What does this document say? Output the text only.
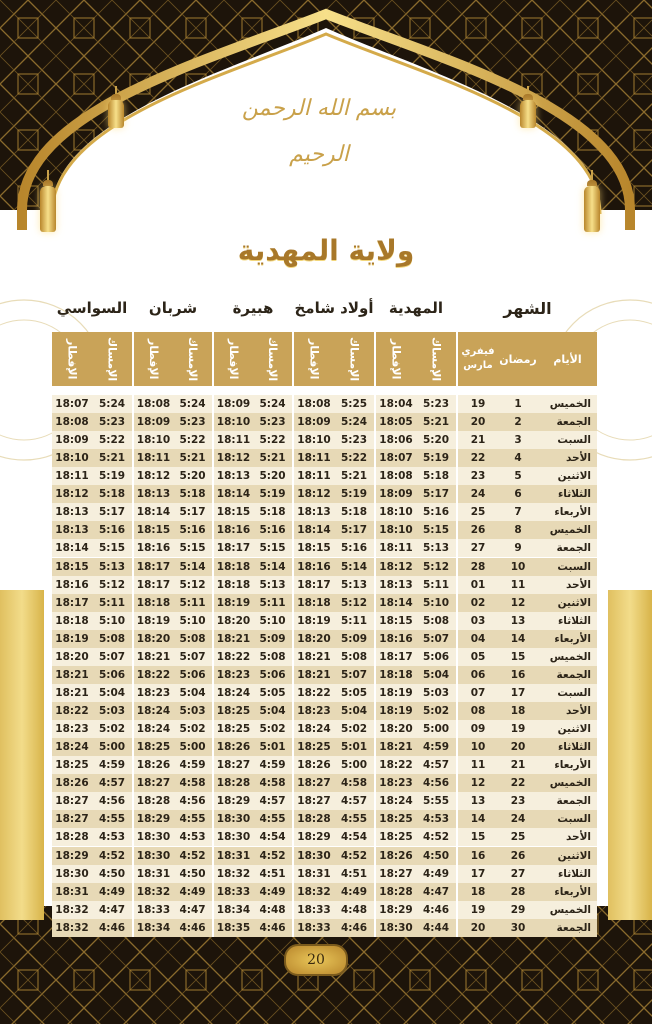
بسم الله الرحمن الرحيم
ولاية المهدية
السواسي	شربان	هبيرة	أولاد شامخ	المهدية	الشهر
الإفطار	الإمساك	الإفطار	الإمساك	الإفطار	الإمساك	الإفطار	الإمساك	الإفطار	الإمساك	فيفري مارس رمضان	الأيام
18:07 5:24	18:08 5:24	18:09 5:24	18:08 5:25	18:04 5:23	19	1	الخميس
18:08 5:23	18:09 5:23	18:10 5:23	18:09 5:24	18:05 5:21	20	2	الجمعة
18:09 5:22	18:10 5:22	18:11 5:22	18:10 5:23	18:06 5:20	21	3	السبت
18:10 5:21	18:11 5:21	18:12 5:21	18:11 5:22	18:07 5:19	22	4	الأحد
18:11 5:19	18:12 5:20	18:13 5:20	18:11 5:21	18:08 5:18	23	5	الاثنين
18:12 5:18	18:13 5:18	18:14 5:19	18:12 5:19	18:09 5:17	24	6	الثلاثاء
18:13 5:17	18:14 5:17	18:15 5:18	18:13 5:18	18:10 5:16	25	7	الأربعاء
18:13 5:16	18:15 5:16	18:16 5:16	18:14 5:17	18:10 5:15	26	8	الخميس
18:14 5:15	18:16 5:15	18:17 5:15	18:15 5:16	18:11 5:13	27	9	الجمعة
18:15 5:13	18:17 5:14	18:18 5:14	18:16 5:14	18:12 5:12	28	10	السبت
18:16 5:12	18:17 5:12	18:18 5:13	18:17 5:13	18:13 5:11	01	11	الأحد
18:17 5:11	18:18 5:11	18:19 5:11	18:18 5:12	18:14 5:10	02	12	الاثنين
18:18 5:10	18:19 5:10	18:20 5:10	18:19 5:11	18:15 5:08	03	13	الثلاثاء
18:19 5:08	18:20 5:08	18:21 5:09	18:20 5:09	18:16 5:07	04	14	الأربعاء
18:20 5:07	18:21 5:07	18:22 5:08	18:21 5:08	18:17 5:06	05	15	الخميس
18:21 5:06	18:22 5:06	18:23 5:06	18:21 5:07	18:18 5:04	06	16	الجمعة
18:21 5:04	18:23 5:04	18:24 5:05	18:22 5:05	18:19 5:03	07	17	السبت
18:22 5:03	18:24 5:03	18:25 5:04	18:23 5:04	18:19 5:02	08	18	الأحد
18:23 5:02	18:24 5:02	18:25 5:02	18:24 5:02	18:20 5:00	09	19	الاثنين
18:24 5:00	18:25 5:00	18:26 5:01	18:25 5:01	18:21 4:59	10	20	الثلاثاء
18:25 4:59	18:26 4:59	18:27 4:59	18:26 5:00	18:22 4:57	11	21	الأربعاء
18:26 4:57	18:27 4:58	18:28 4:58	18:27 4:58	18:23 4:56	12	22	الخميس
18:27 4:56	18:28 4:56	18:29 4:57	18:27 4:57	18:24 5:55	13	23	الجمعة
18:27 4:55	18:29 4:55	18:30 4:55	18:28 4:55	18:25 4:53	14	24	السبت
18:28 4:53	18:30 4:53	18:30 4:54	18:29 4:54	18:25 4:52	15	25	الأحد
18:29 4:52	18:30 4:52	18:31 4:52	18:30 4:52	18:26 4:50	16	26	الاثنين
18:30 4:50	18:31 4:50	18:32 4:51	18:31 4:51	18:27 4:49	17	27	الثلاثاء
18:31 4:49	18:32 4:49	18:33 4:49	18:32 4:49	18:28 4:47	18	28	الأربعاء
18:32 4:47	18:33 4:47	18:34 4:48	18:33 4:48	18:29 4:46	19	29	الخميس
18:32 4:46	18:34 4:46	18:35 4:46	18:33 4:46	18:30 4:44	20	30	الجمعة
20
